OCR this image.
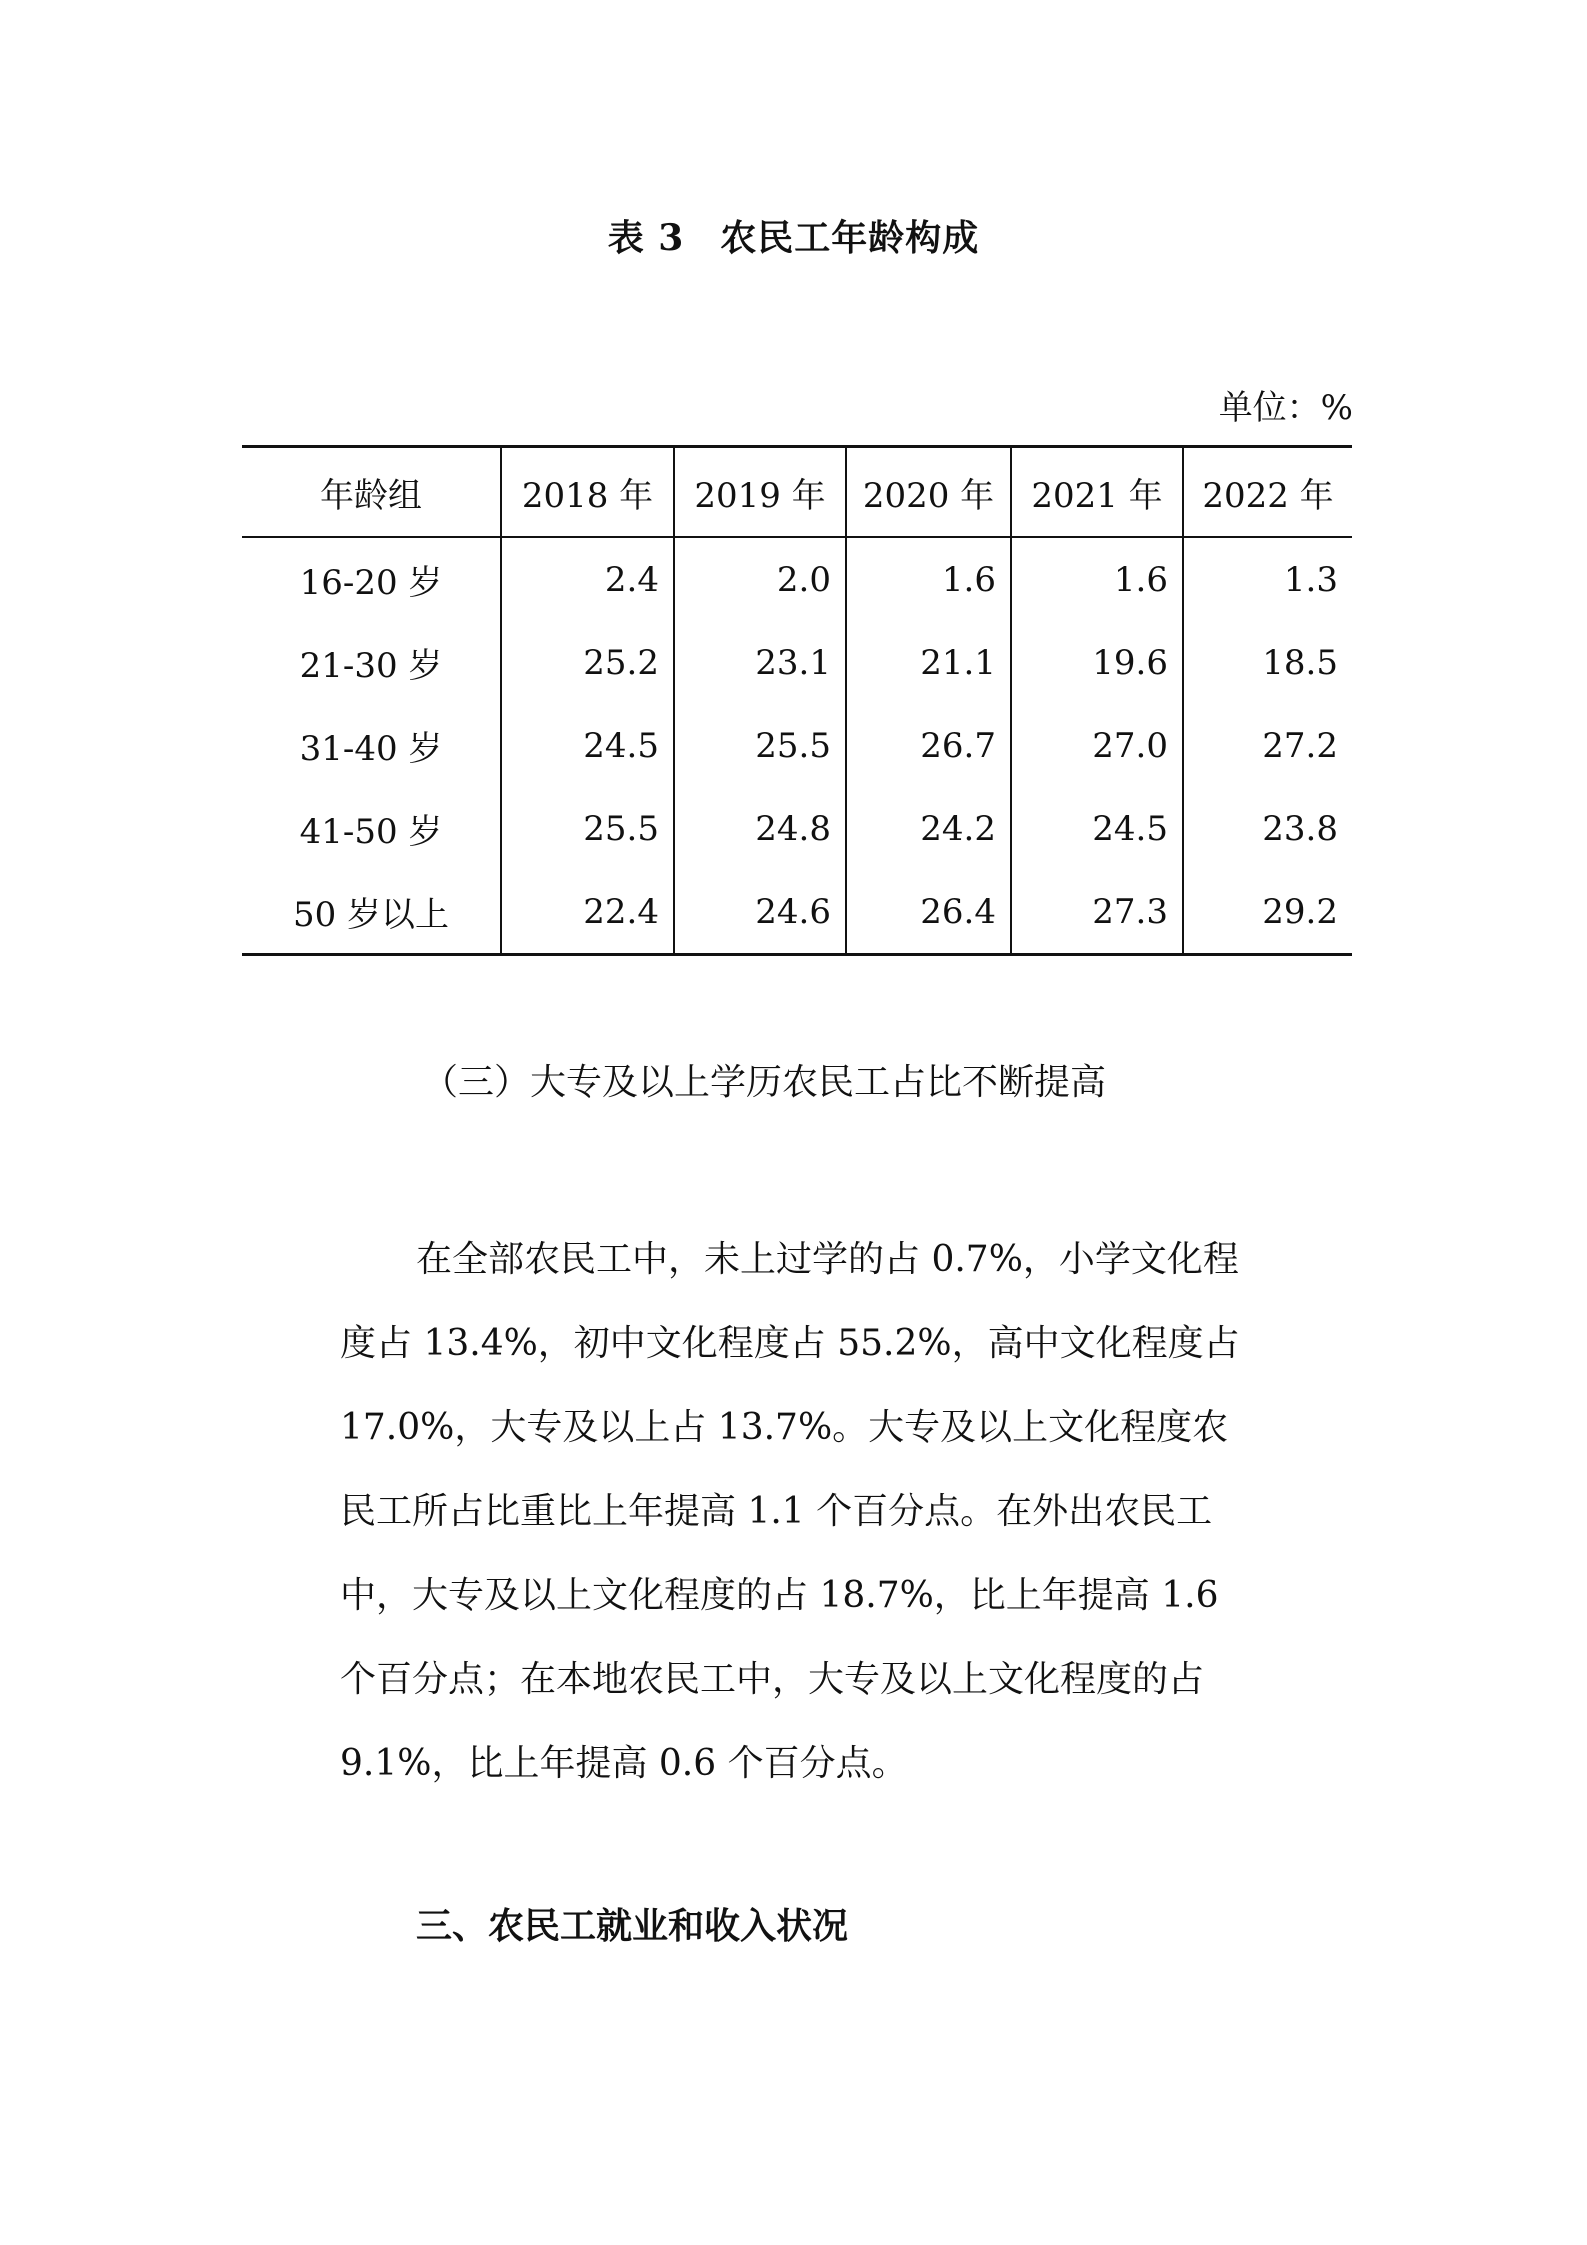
表 3 农民工年龄构成
单位：%
年龄组	2018 年	2019 年	2020 年	2021 年	2022 年
16-20 岁	2.4	2.0	1.6	1.6	1.3
21-30 岁	25.2	23.1	21.1	19.6	18.5
31-40 岁	24.5	25.5	26.7	27.0	27.2
41-50 岁	25.5	24.8	24.2	24.5	23.8
50 岁以上	22.4	24.6	26.4	27.3	29.2
（三）大专及以上学历农民工占比不断提高

在全部农民工中，未上过学的占 0.7%，小学文化程度占 13.4%，初中文化程度占 55.2%，高中文化程度占 17.0%，大专及以上占 13.7%。大专及以上文化程度农民工所占比重比上年提高 1.1 个百分点。在外出农民工中，大专及以上文化程度的占 18.7%，比上年提高 1.6 个百分点；在本地农民工中，大专及以上文化程度的占 9.1%，比上年提高 0.6 个百分点。

三、农民工就业和收入状况
